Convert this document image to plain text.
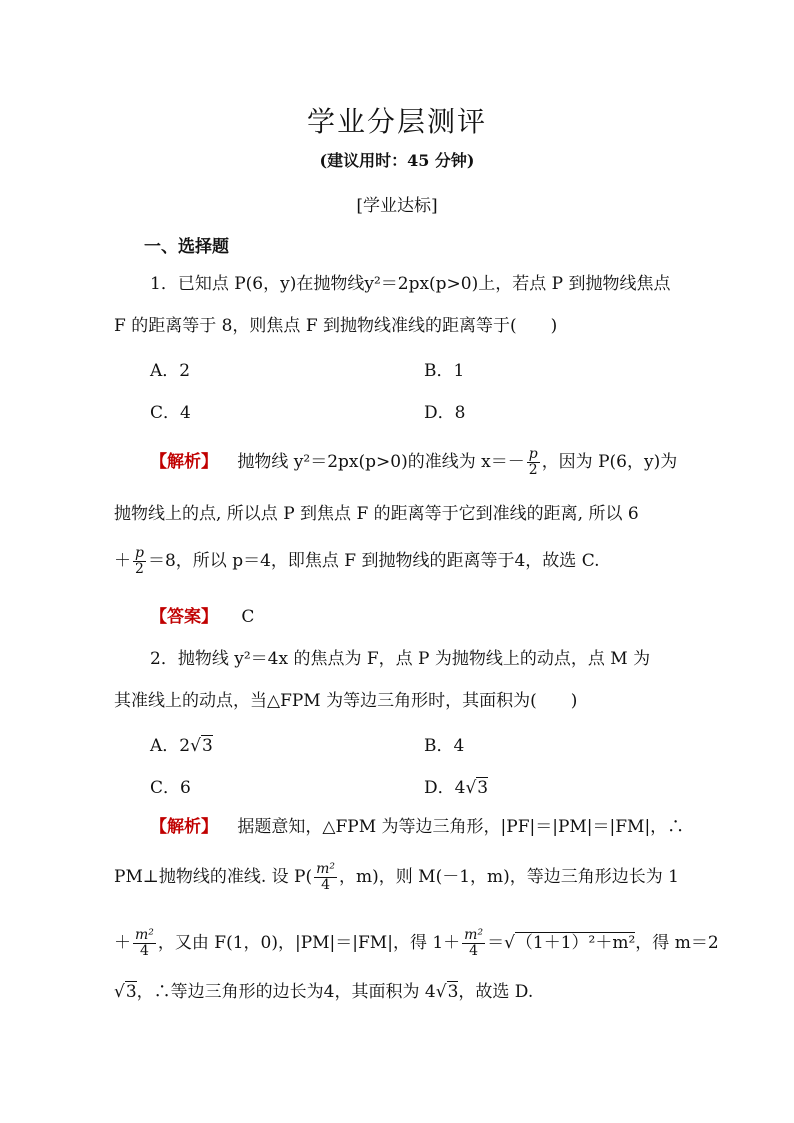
学业分层测评
(建议用时：45 分钟)
[学业达标]
一、选择题
1．已知点 P(6，y)在抛物线y²＝2px(p>0)上，若点 P 到抛物线焦点
F 的距离等于 8，则焦点 F 到抛物线准线的距离等于(　　)
A．2	B．1
C．4	D．8
【解析】 抛物线 y²＝2px(p>0)的准线为 $x=- \frac{p}{2}$ ，因为 P(6，y)为
抛物线上的点, 所以点 P 到焦点 F 的距离等于它到准线的距离, 所以 6
＋ $\frac{p}{2} =8$，所以 p＝4，即焦点 F 到抛物线的距离等于4，故选 C.
【答案】 C
2．抛物线 y²＝4x 的焦点为 F，点 P 为抛物线上的动点，点 M 为
其准线上的动点，当△FPM 为等边三角形时，其面积为(　　)
A．2√3	B．4
C．6	D．4√3
【解析】 据题意知，△FPM 为等边三角形，|PF|＝|PM|＝|FM|，∴
PM⊥抛物线的准线. 设 $P( \frac{\text{m²}}{4}$ ，m)，则 M(－1，m)，等边三角形边长为 1
＋ $\frac{\text{m²}}{4}$ ，又由 F(1，0)，|PM|＝|FM|，得 $1+ \frac{\text{m²}}{4} =√(1+1)^2+m^2$，得 m＝2
√3，∴等边三角形的边长为4，其面积为 4√3，故选 D.
